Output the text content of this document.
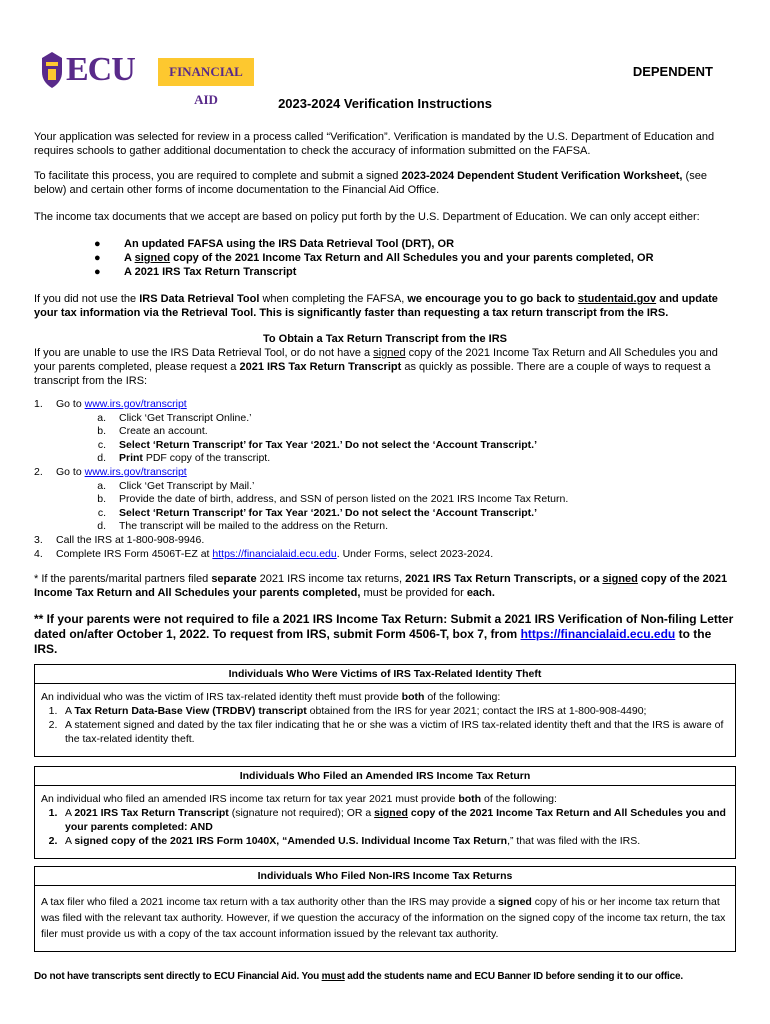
ECU	FINANCIAL AID
DEPENDENT
2023-2024 Verification Instructions
Your application was selected for review in a process called “Verification”. Verification is mandated by the U.S. Department of Education and requires schools to gather additional documentation to check the accuracy of information submitted on the FAFSA.
To facilitate this process, you are required to complete and submit a signed 2023-2024 Dependent Student Verification Worksheet, (see below) and certain other forms of income documentation to the Financial Aid Office.
The income tax documents that we accept are based on policy put forth by the U.S. Department of Education. We can only accept either:
● An updated FAFSA using the IRS Data Retrieval Tool (DRT), OR
● A signed copy of the 2021 Income Tax Return and All Schedules you and your parents completed, OR
● A 2021 IRS Tax Return Transcript
If you did not use the IRS Data Retrieval Tool when completing the FAFSA, we encourage you to go back to studentaid.gov and update your tax information via the Retrieval Tool. This is significantly faster than requesting a tax return transcript from the IRS.
To Obtain a Tax Return Transcript from the IRS
If you are unable to use the IRS Data Retrieval Tool, or do not have a signed copy of the 2021 Income Tax Return and All Schedules you and your parents completed, please request a 2021 IRS Tax Return Transcript as quickly as possible. There are a couple of ways to request a transcript from the IRS:
1. Go to www.irs.gov/transcript
a. Click ‘Get Transcript Online.’
b. Create an account.
c. Select ‘Return Transcript’ for Tax Year ‘2021.’ Do not select the ‘Account Transcript.’
d. Print PDF copy of the transcript.
2. Go to www.irs.gov/transcript
a. Click ‘Get Transcript by Mail.’
b. Provide the date of birth, address, and SSN of person listed on the 2021 IRS Income Tax Return.
c. Select ‘Return Transcript’ for Tax Year ‘2021.’ Do not select the ‘Account Transcript.’
d. The transcript will be mailed to the address on the Return.
3. Call the IRS at 1-800-908-9946.
4. Complete IRS Form 4506T-EZ at https://financialaid.ecu.edu. Under Forms, select 2023-2024.
* If the parents/marital partners filed separate 2021 IRS income tax returns, 2021 IRS Tax Return Transcripts, or a signed copy of the 2021 Income Tax Return and All Schedules your parents completed, must be provided for each.
** If your parents were not required to file a 2021 IRS Income Tax Return: Submit a 2021 IRS Verification of Non-filing Letter dated on/after October 1, 2022. To request from IRS, submit Form 4506-T, box 7, from https://financialaid.ecu.edu to the IRS.
Individuals Who Were Victims of IRS Tax-Related Identity Theft
An individual who was the victim of IRS tax-related identity theft must provide both of the following:
1. A Tax Return Data-Base View (TRDBV) transcript obtained from the IRS for year 2021; contact the IRS at 1-800-908-4490;
2. A statement signed and dated by the tax filer indicating that he or she was a victim of IRS tax-related identity theft and that the IRS is aware of the tax-related identity theft.
Individuals Who Filed an Amended IRS Income Tax Return
An individual who filed an amended IRS income tax return for tax year 2021 must provide both of the following:
1. A 2021 IRS Tax Return Transcript (signature not required); OR a signed copy of the 2021 Income Tax Return and All Schedules you and your parents completed: AND
2. A signed copy of the 2021 IRS Form 1040X, “Amended U.S. Individual Income Tax Return,” that was filed with the IRS.
Individuals Who Filed Non-IRS Income Tax Returns
A tax filer who filed a 2021 income tax return with a tax authority other than the IRS may provide a signed copy of his or her income tax return that was filed with the relevant tax authority. However, if we question the accuracy of the information on the signed copy of the income tax return, the tax filer must provide us with a copy of the tax account information issued by the relevant tax authority.
Do not have transcripts sent directly to ECU Financial Aid. You must add the students name and ECU Banner ID before sending it to our office.
